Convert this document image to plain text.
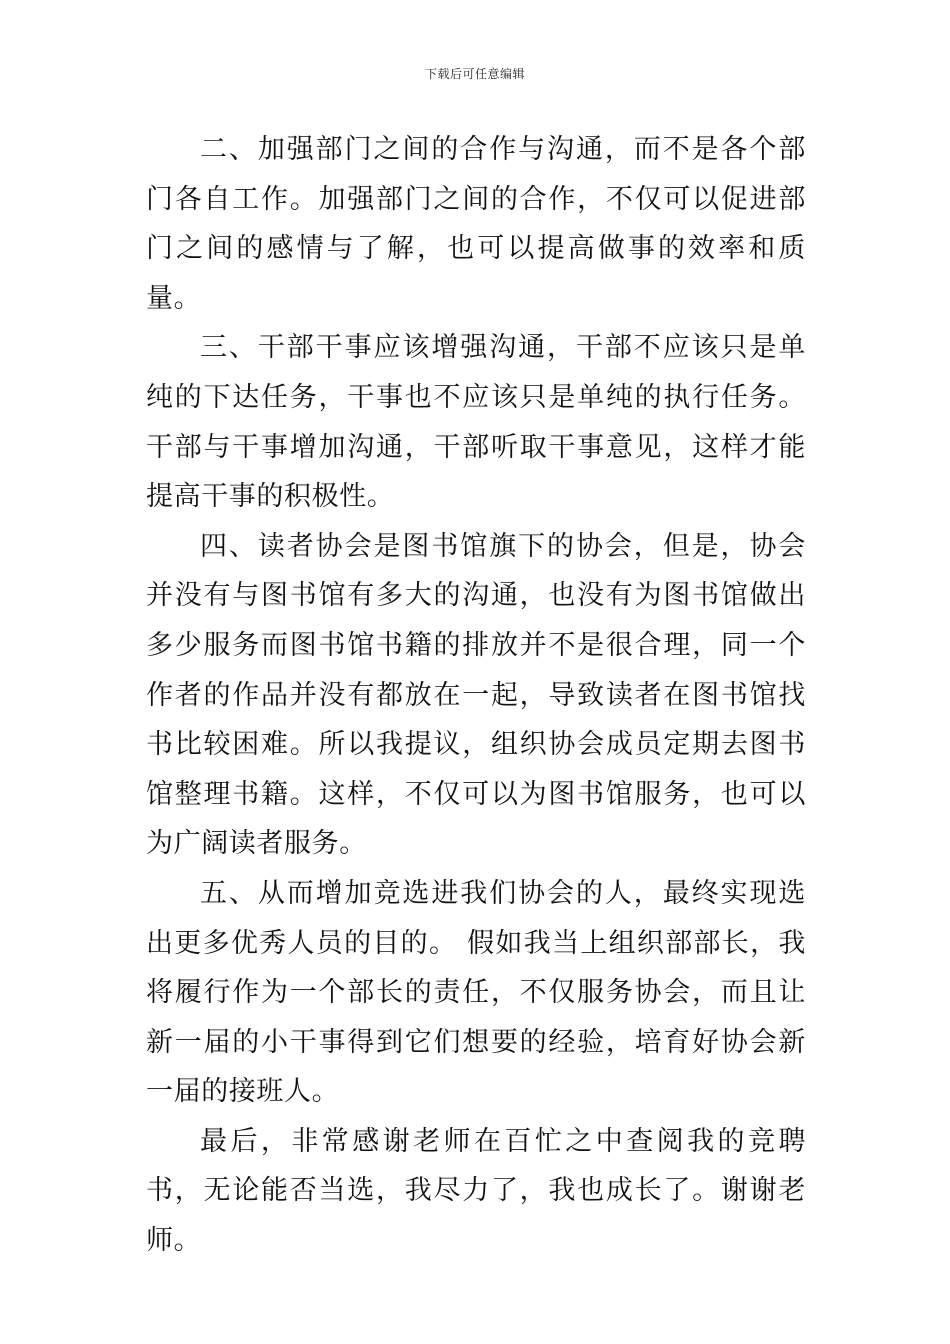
下载后可任意编辑

二、加强部门之间的合作与沟通，而不是各个部门各自工作。加强部门之间的合作，不仅可以促进部门之间的感情与了解，也可以提高做事的效率和质量。

三、干部干事应该增强沟通，干部不应该只是单纯的下达任务，干事也不应该只是单纯的执行任务。干部与干事增加沟通，干部听取干事意见，这样才能提高干事的积极性。

四、读者协会是图书馆旗下的协会，但是，协会并没有与图书馆有多大的沟通，也没有为图书馆做出多少服务而图书馆书籍的排放并不是很合理，同一个作者的作品并没有都放在一起，导致读者在图书馆找书比较困难。所以我提议，组织协会成员定期去图书馆整理书籍。这样，不仅可以为图书馆服务，也可以为广阔读者服务。

五、从而增加竞选进我们协会的人，最终实现选出更多优秀人员的目的。 假如我当上组织部部长，我将履行作为一个部长的责任，不仅服务协会，而且让新一届的小干事得到它们想要的经验，培育好协会新一届的接班人。

最后，非常感谢老师在百忙之中查阅我的竞聘书，无论能否当选，我尽力了，我也成长了。谢谢老师。
